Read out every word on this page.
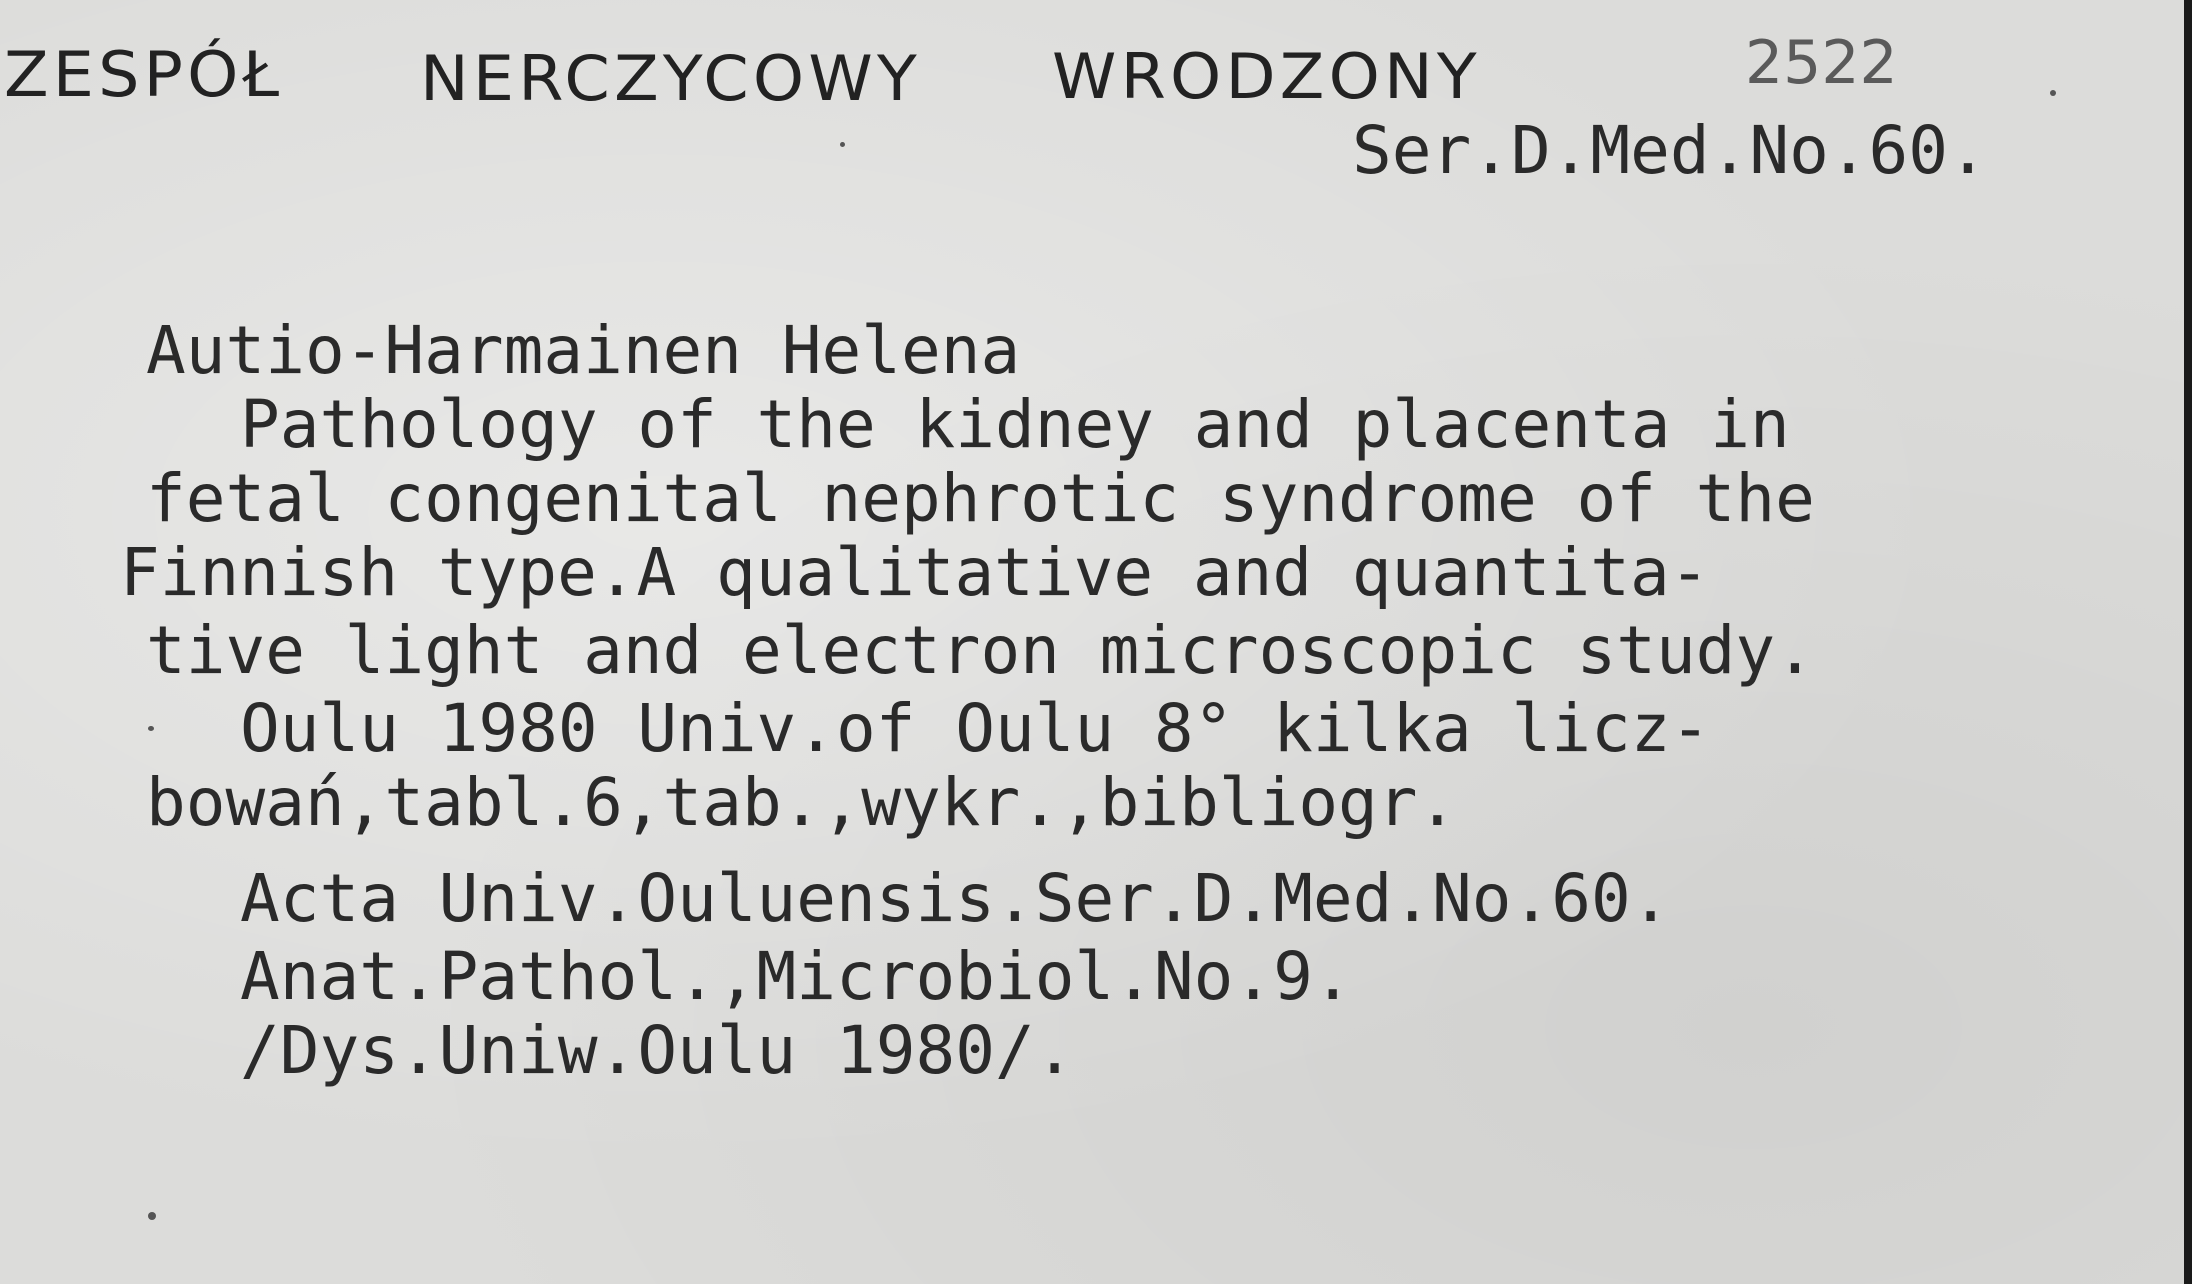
ZESPÓŁ NERCZYCOWY WRODZONY	2522
Ser.D.Med.No.60.
Autio-Harmainen Helena
Pathology of the kidney and placenta in
fetal congenital nephrotic syndrome of the
Finnish type.A qualitative and quantita-
tive light and electron microscopic study.
Oulu 1980 Univ.of Oulu 8° kilka licz-
bowań,tabl.6,tab.,wykr.,bibliogr.
Acta Univ.Ouluensis.Ser.D.Med.No.60.
Anat.Pathol.,Microbiol.No.9.
/Dys.Uniw.Oulu 1980/.
